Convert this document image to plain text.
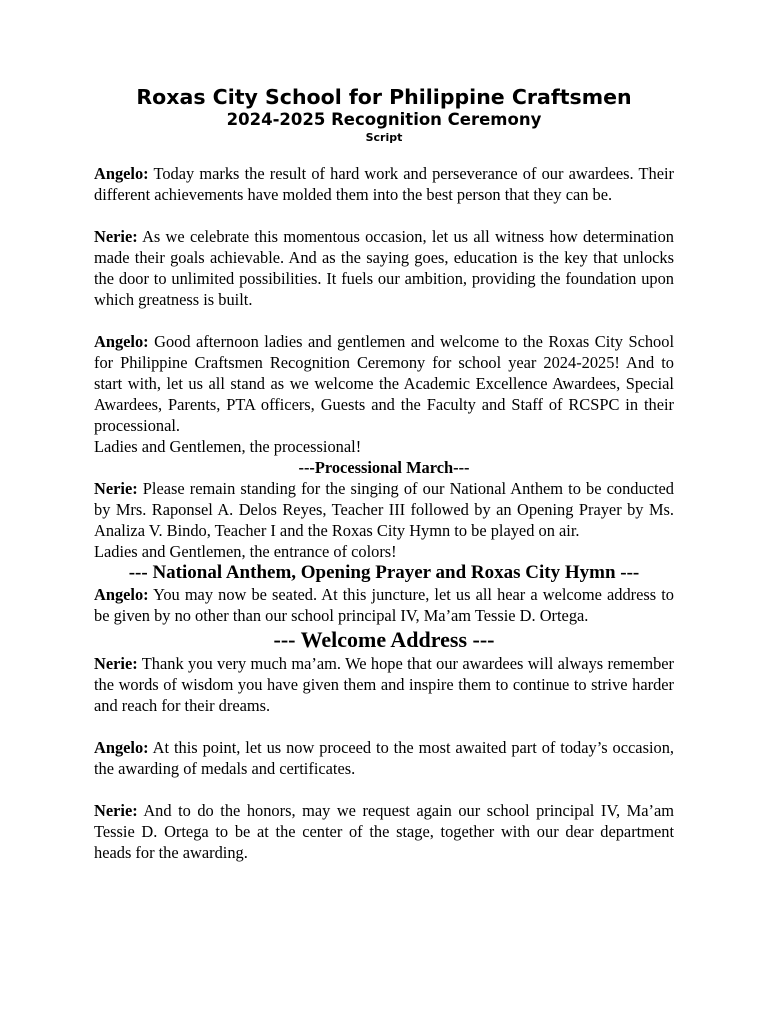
Roxas City School for Philippine Craftsmen
2024-2025 Recognition Ceremony
Script

Angelo: Today marks the result of hard work and perseverance of our awardees. Their different achievements have molded them into the best person that they can be.

Nerie: As we celebrate this momentous occasion, let us all witness how determination made their goals achievable. And as the saying goes, education is the key that unlocks the door to unlimited possibilities. It fuels our ambition, providing the foundation upon which greatness is built.

Angelo: Good afternoon ladies and gentlemen and welcome to the Roxas City School for Philippine Craftsmen Recognition Ceremony for school year 2024-2025! And to start with, let us all stand as we welcome the Academic Excellence Awardees, Special Awardees, Parents, PTA officers, Guests and the Faculty and Staff of RCSPC in their processional.

Ladies and Gentlemen, the processional!

---Processional March---

Nerie: Please remain standing for the singing of our National Anthem to be conducted by Mrs. Raponsel A. Delos Reyes, Teacher III followed by an Opening Prayer by Ms. Analiza V. Bindo, Teacher I and the Roxas City Hymn to be played on air.

Ladies and Gentlemen, the entrance of colors!

--- National Anthem, Opening Prayer and Roxas City Hymn ---

Angelo: You may now be seated. At this juncture, let us all hear a welcome address to be given by no other than our school principal IV, Ma’am Tessie D. Ortega.

--- Welcome Address ---

Nerie: Thank you very much ma’am. We hope that our awardees will always remember the words of wisdom you have given them and inspire them to continue to strive harder and reach for their dreams.

Angelo: At this point, let us now proceed to the most awaited part of today’s occasion, the awarding of medals and certificates.

Nerie: And to do the honors, may we request again our school principal IV, Ma’am Tessie D. Ortega to be at the center of the stage, together with our dear department heads for the awarding.
